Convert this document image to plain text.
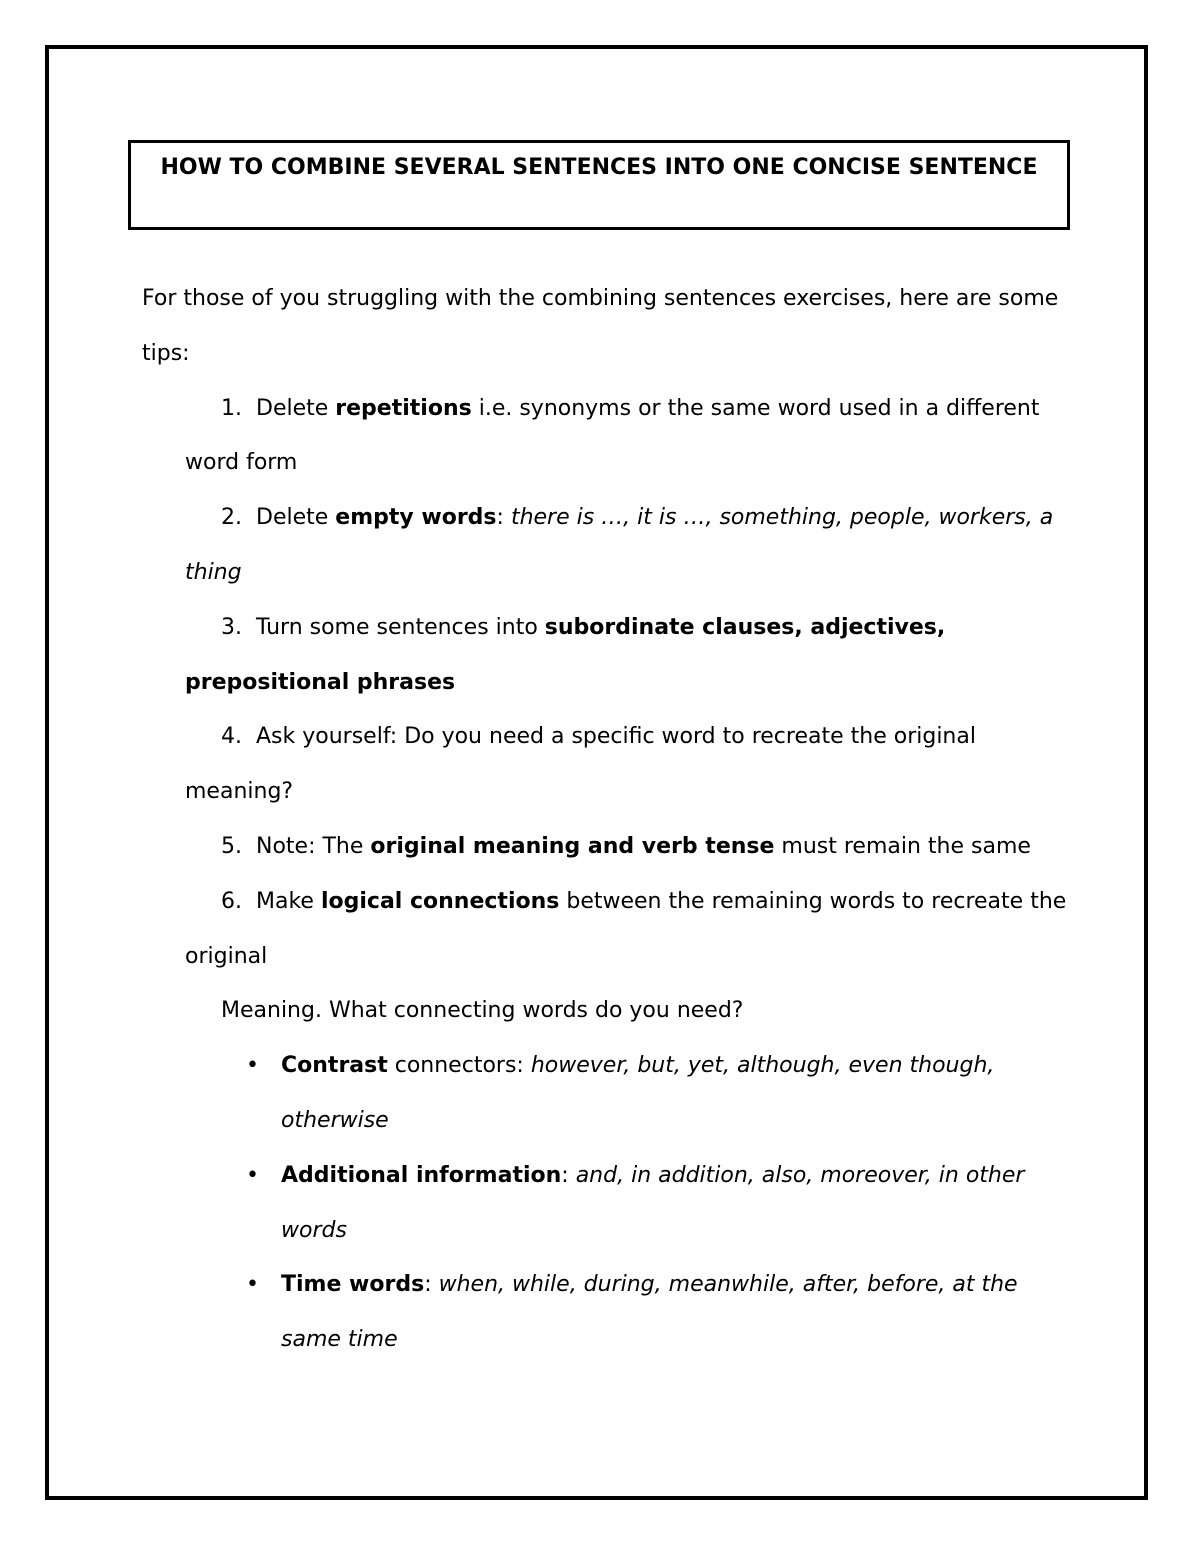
HOW TO COMBINE SEVERAL SENTENCES INTO ONE CONCISE SENTENCE

For those of you struggling with the combining sentences exercises, here are some tips:

1. Delete repetitions i.e. synonyms or the same word used in a different word form
2. Delete empty words: there is …, it is …, something, people, workers, a thing
3. Turn some sentences into subordinate clauses, adjectives, prepositional phrases
4. Ask yourself: Do you need a specific word to recreate the original meaning?
5. Note: The original meaning and verb tense must remain the same
6. Make logical connections between the remaining words to recreate the original
Meaning. What connecting words do you need?
• Contrast connectors: however, but, yet, although, even though, otherwise
• Additional information: and, in addition, also, moreover, in other words
• Time words: when, while, during, meanwhile, after, before, at the same time
